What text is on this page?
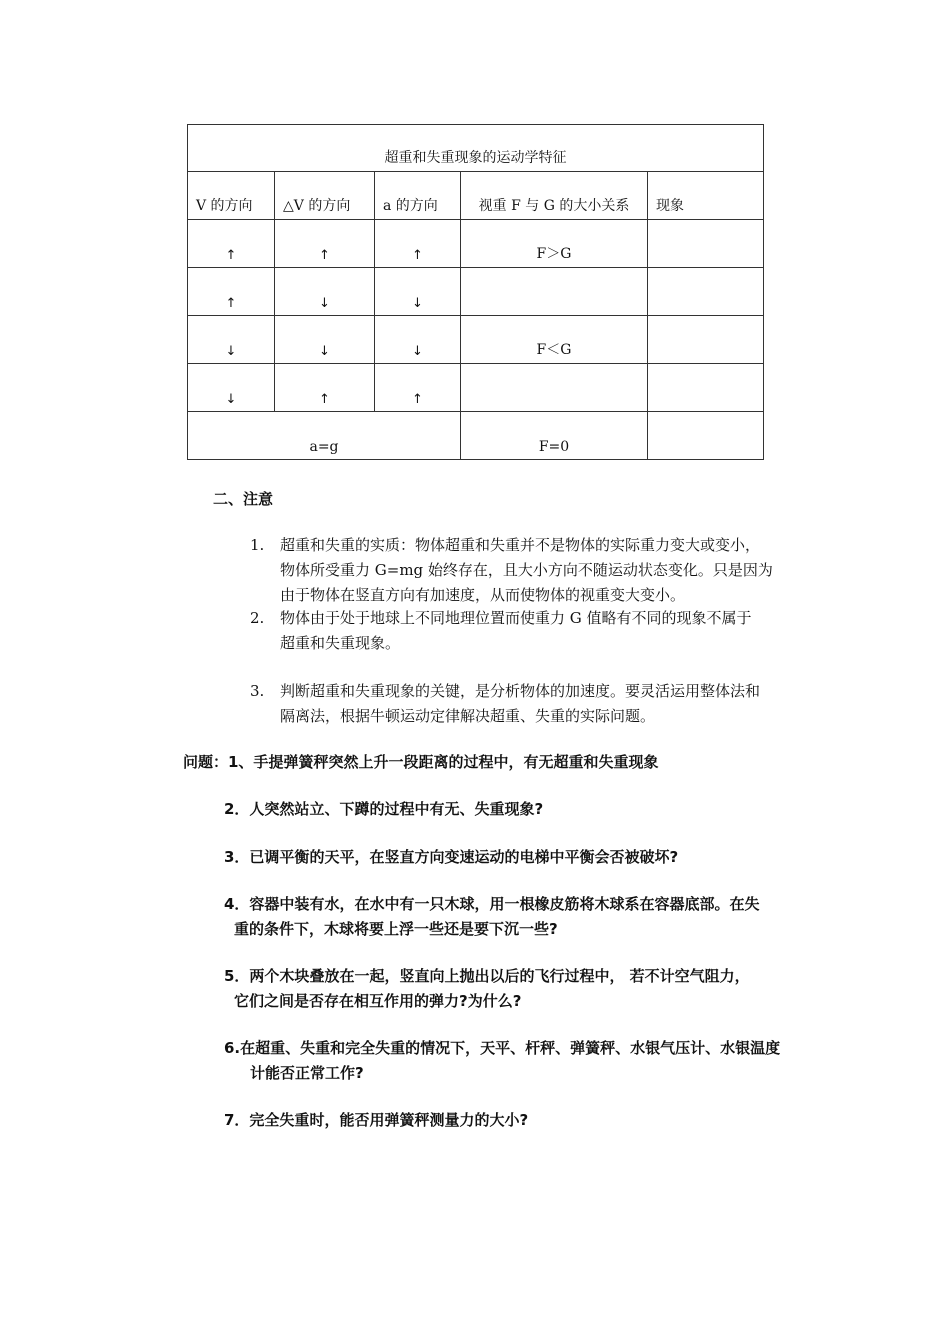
超重和失重现象的运动学特征				
V 的方向	△V 的方向	a 的方向	视重 F 与 G 的大小关系	现象
↑	↑	↑	F＞G	
↑	↓	↓		
↓	↓	↓	F＜G	
↓	↑	↑		
a=g			F=0	
二、注意
1. 超重和失重的实质：物体超重和失重并不是物体的实际重力变大或变小，
物体所受重力 G=mg 始终存在，且大小方向不随运动状态变化。只是因为
由于物体在竖直方向有加速度，从而使物体的视重变大变小。
2. 物体由于处于地球上不同地理位置而使重力 G 值略有不同的现象不属于
超重和失重现象。
3. 判断超重和失重现象的关键，是分析物体的加速度。要灵活运用整体法和
隔离法，根据牛顿运动定律解决超重、失重的实际问题。
问题：1、手提弹簧秤突然上升一段距离的过程中，有无超重和失重现象
2．人突然站立、下蹲的过程中有无、失重现象?
3．已调平衡的天平，在竖直方向变速运动的电梯中平衡会否被破坏?
4．容器中装有水，在水中有一只木球，用一根橡皮筋将木球系在容器底部。在失
重的条件下，木球将要上浮一些还是要下沉一些?
5．两个木块叠放在一起，竖直向上抛出以后的飞行过程中， 若不计空气阻力，
它们之间是否存在相互作用的弹力?为什么?
6.在超重、失重和完全失重的情况下，天平、杆秤、弹簧秤、水银气压计、水银温度
计能否正常工作?
7．完全失重时，能否用弹簧秤测量力的大小?
